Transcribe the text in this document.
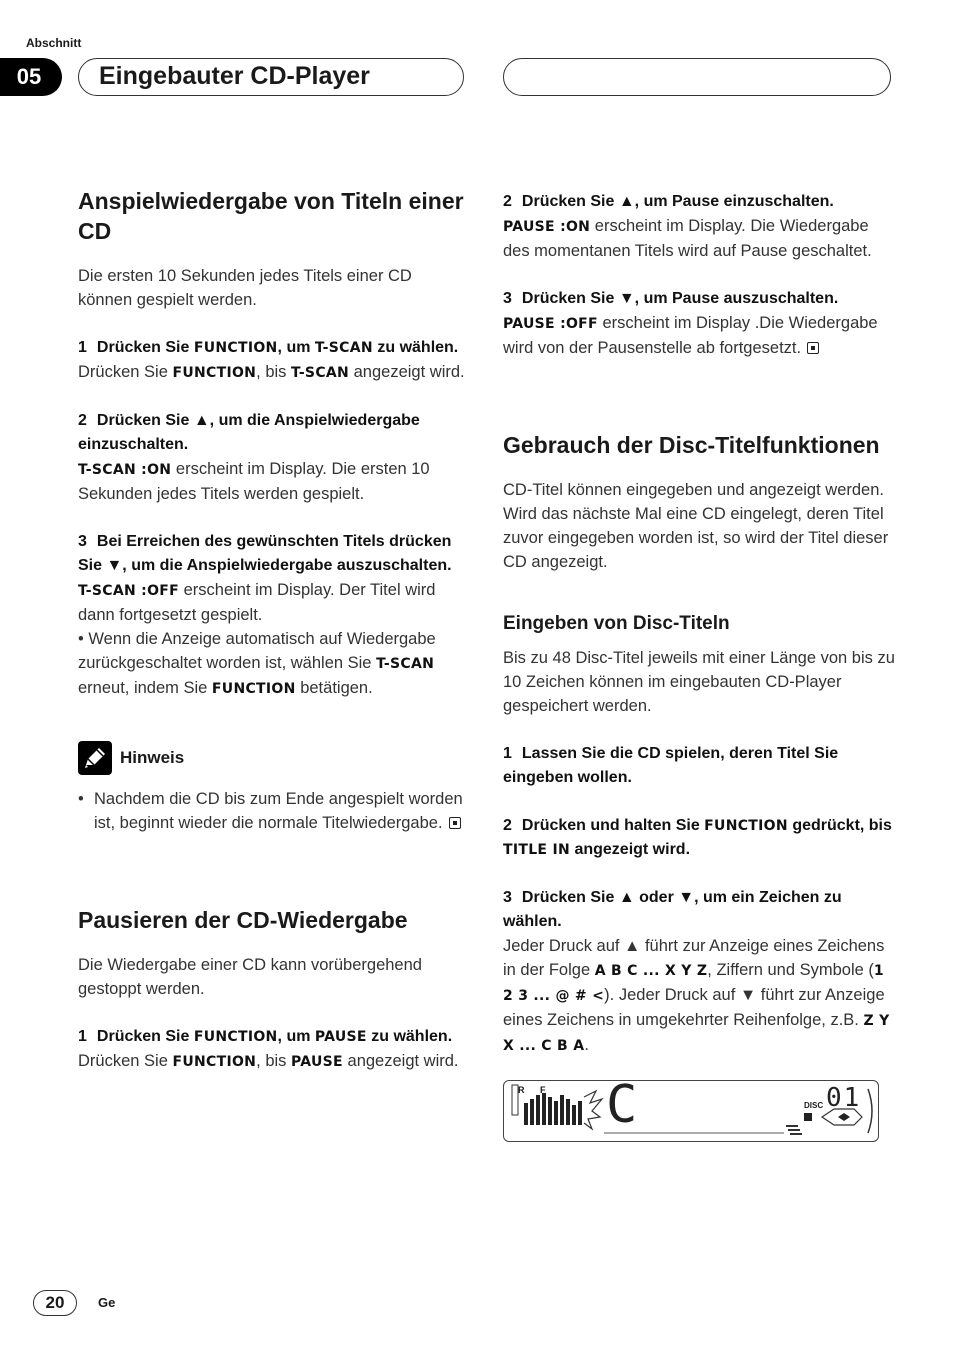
Abschnitt
05	Eingebauter CD-Player
Anspielwiedergabe von Titeln einer CD

Die ersten 10 Sekunden jedes Titels einer CD können gespielt werden.

1 Drücken Sie FUNCTION, um T-SCAN zu wählen.

Drücken Sie FUNCTION, bis T-SCAN angezeigt wird.

2 Drücken Sie ▲, um die Anspielwiedergabe einzuschalten.

T-SCAN :ON erscheint im Display. Die ersten 10 Sekunden jedes Titels werden gespielt.

3 Bei Erreichen des gewünschten Titels drücken Sie ▼, um die Anspielwiedergabe auszuschalten.

T-SCAN :OFF erscheint im Display. Der Titel wird dann fortgesetzt gespielt.

• Wenn die Anzeige automatisch auf Wiedergabe zurückgeschaltet worden ist, wählen Sie T-SCAN erneut, indem Sie FUNCTION betätigen.

Hinweis

• Nachdem die CD bis zum Ende angespielt worden ist, beginnt wieder die normale Titelwiedergabe.

Pausieren der CD-Wiedergabe

Die Wiedergabe einer CD kann vorübergehend gestoppt werden.

1 Drücken Sie FUNCTION, um PAUSE zu wählen.

Drücken Sie FUNCTION, bis PAUSE angezeigt wird.

2 Drücken Sie ▲, um Pause einzuschalten.

PAUSE :ON erscheint im Display. Die Wiedergabe des momentanen Titels wird auf Pause geschaltet.

3 Drücken Sie ▼, um Pause auszuschalten.

PAUSE :OFF erscheint im Display .Die Wiedergabe wird von der Pausenstelle ab fortgesetzt.

Gebrauch der Disc-Titelfunktionen

CD-Titel können eingegeben und angezeigt werden. Wird das nächste Mal eine CD eingelegt, deren Titel zuvor eingegeben worden ist, so wird der Titel dieser CD angezeigt.

Eingeben von Disc-Titeln

Bis zu 48 Disc-Titel jeweils mit einer Länge von bis zu 10 Zeichen können im eingebauten CD-Player gespeichert werden.

1 Lassen Sie die CD spielen, deren Titel Sie eingeben wollen.
2 Drücken und halten Sie FUNCTION gedrückt, bis TITLE IN angezeigt wird.
3 Drücken Sie ▲ oder ▼, um ein Zeichen zu wählen.

Jeder Druck auf ▲ führt zur Anzeige eines Zeichens in der Folge A B C ... X Y Z, Ziffern und Symbole (1 2 3 ... @ # <). Jeder Druck auf ▼ führt zur Anzeige eines Zeichens in umgekehrter Reihenfolge, z.B. Z Y X ... C B A.

R F C	DISC 01
20	Ge
